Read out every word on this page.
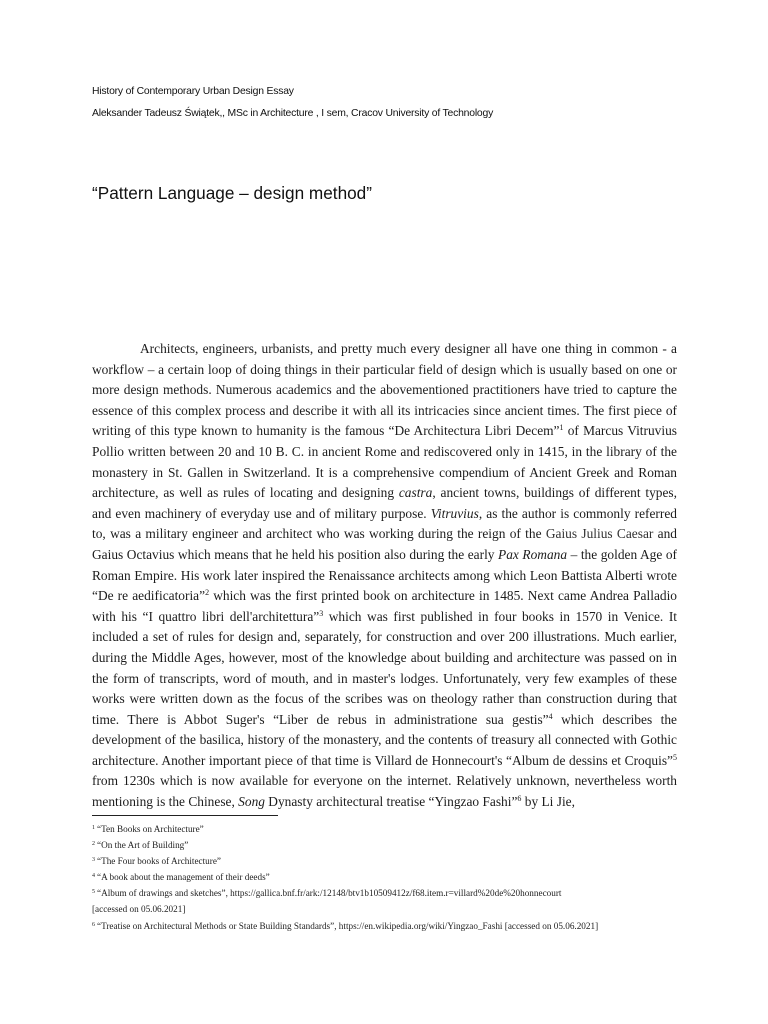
History of Contemporary Urban Design Essay
Aleksander Tadeusz Świątek,, MSc in Architecture , I sem, Cracov University of Technology
“Pattern Language – design method”

Architects, engineers, urbanists, and pretty much every designer all have one thing in common - a workflow – a certain loop of doing things in their particular field of design which is usually based on one or more design methods. Numerous academics and the abovementioned practitioners have tried to capture the essence of this complex process and describe it with all its intricacies since ancient times. The first piece of writing of this type known to humanity is the famous “De Architectura Libri Decem”$^1$ of Marcus Vitruvius Pollio written between 20 and 10 B. C. in ancient Rome and rediscovered only in 1415, in the library of the monastery in St. Gallen in Switzerland. It is a comprehensive compendium of Ancient Greek and Roman architecture, as well as rules of locating and designing castra, ancient towns, buildings of different types, and even machinery of everyday use and of military purpose. Vitruvius, as the author is commonly referred to, was a military engineer and architect who was working during the reign of the Gaius Julius Caesar and Gaius Octavius which means that he held his position also during the early Pax Romana – the golden Age of Roman Empire. His work later inspired the Renaissance architects among which Leon Battista Alberti wrote “De re aedificatoria”$^2$ which was the first printed book on architecture in 1485. Next came Andrea Palladio with his “I quattro libri dell'architettura”$^3$ which was first published in four books in 1570 in Venice. It included a set of rules for design and, separately, for construction and over 200 illustrations. Much earlier, during the Middle Ages, however, most of the knowledge about building and architecture was passed on in the form of transcripts, word of mouth, and in master's lodges. Unfortunately, very few examples of these works were written down as the focus of the scribes was on theology rather than construction during that time. There is Abbot Suger's “Liber de rebus in administratione sua gestis”$^4$ which describes the development of the basilica, history of the monastery, and the contents of treasury all connected with Gothic architecture. Another important piece of that time is Villard de Honnecourt's “Album de dessins et Croquis”$^5$ from 1230s which is now available for everyone on the internet. Relatively unknown, nevertheless worth mentioning is the Chinese, Song Dynasty architectural treatise “Yingzao Fashi”$^6$ by Li Jie,

$^1$ “Ten Books on Architecture”
$^2$ “On the Art of Building”
$^3$ “The Four books of Architecture”
$^4$ “A book about the management of their deeds”
$^5$ “Album of drawings and sketches”, https://gallica.bnf.fr/ark:/12148/btv1b10509412z/f68.item.r=villard%20de%20honnecourt
[accessed on 05.06.2021]
$^6$ “Treatise on Architectural Methods or State Building Standards”, https://en.wikipedia.org/wiki/Yingzao_Fashi [accessed on 05.06.2021]
